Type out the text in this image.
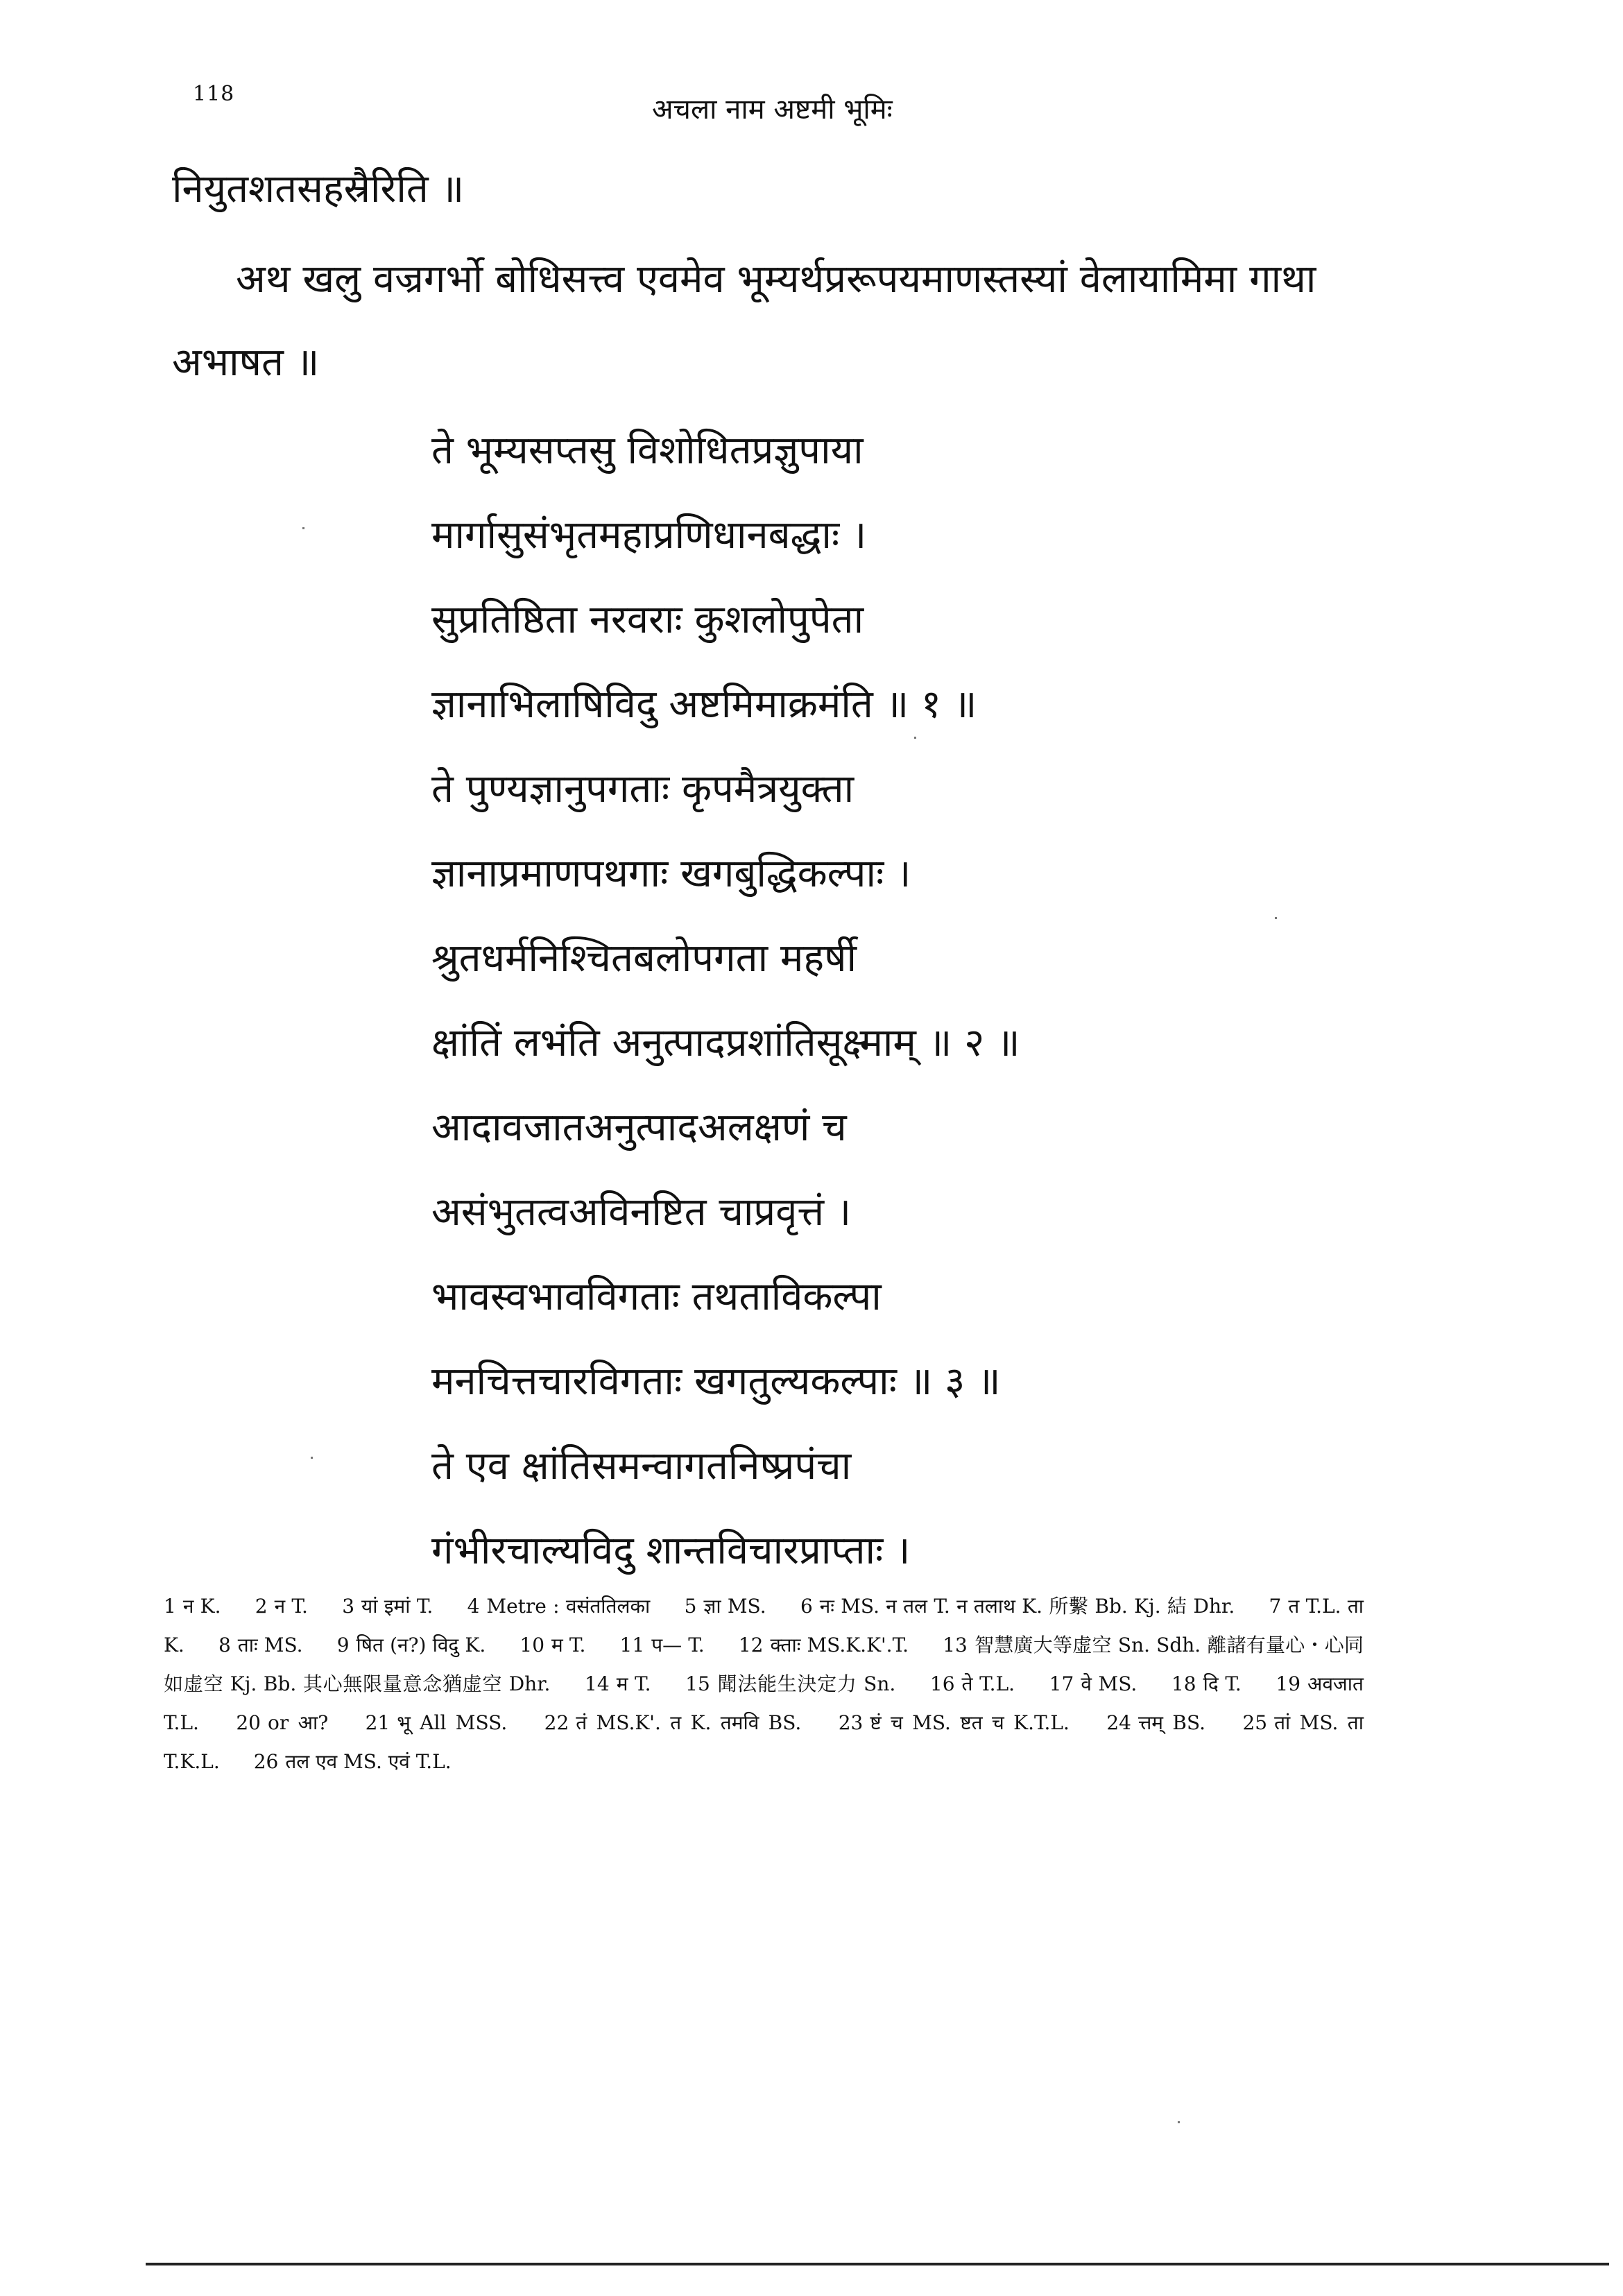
118	अचला नाम अष्टमी भूमिः
नियुतशतसहस्रैरिति ॥
अथ खलु वज्रगर्भो बोधिसत्त्व एवमेव भूम्यर्थप्ररूपयमाणस्तस्यां वेलायामिमा गाथा
अभाषत ॥
ते भूम्यसप्तसु विशोधितप्रज्ञुपाया
मार्गासुसंभृतमहाप्रणिधानबद्धाः ।
सुप्रतिष्ठिता नरवराः कुशलोपुपेता
ज्ञानाभिलाषिविदु अष्टमिमाक्रमंति ॥ १ ॥
ते पुण्यज्ञानुपगताः कृपमैत्रयुक्ता
ज्ञानाप्रमाणपथगाः खगबुद्धिकल्पाः ।
श्रुतधर्मनिश्चितबलोपगता महर्षी
क्षांतिं लभंति अनुत्पादप्रशांतिसूक्ष्माम् ॥ २ ॥
आदावजातअनुत्पादअलक्षणं च
असंभुतत्वअविनष्टित चाप्रवृत्तं ।
भावस्वभावविगताः तथताविकल्पा
मनचित्तचारविगताः खगतुल्यकल्पाः ॥ ३ ॥
ते एव क्षांतिसमन्वागतनिष्प्रपंचा
गंभीरचाल्यविदु शान्तविचारप्राप्ताः ।
1 न K. 2 न T. 3 यां इमां T. 4 Metre : वसंततिलका 5 ज्ञा MS. 6 नः MS. न तल T. न तलाथ K. 所繫 Bb. Kj. 結 Dhr. 7 त T.L. ता K. 8 ताः MS. 9 षित (न?) विदु K. 10 म T. 11 प— T. 12 क्ताः MS.K.K'.T. 13 智慧廣大等虚空 Sn. Sdh. 離諸有量心・心同如虚空 Kj. Bb. 其心無限量意念猶虚空 Dhr. 14 म T. 15 聞法能生決定力 Sn. 16 ते T.L. 17 वे MS. 18 दि T. 19 अवजात T.L. 20 or आ? 21 भू All MSS. 22 तं MS.K'. त K. तमवि BS. 23 ष्टं च MS. ष्टत च K.T.L. 24 त्तम् BS. 25 तां MS. ता T.K.L. 26 तल एव MS. एवं T.L.
